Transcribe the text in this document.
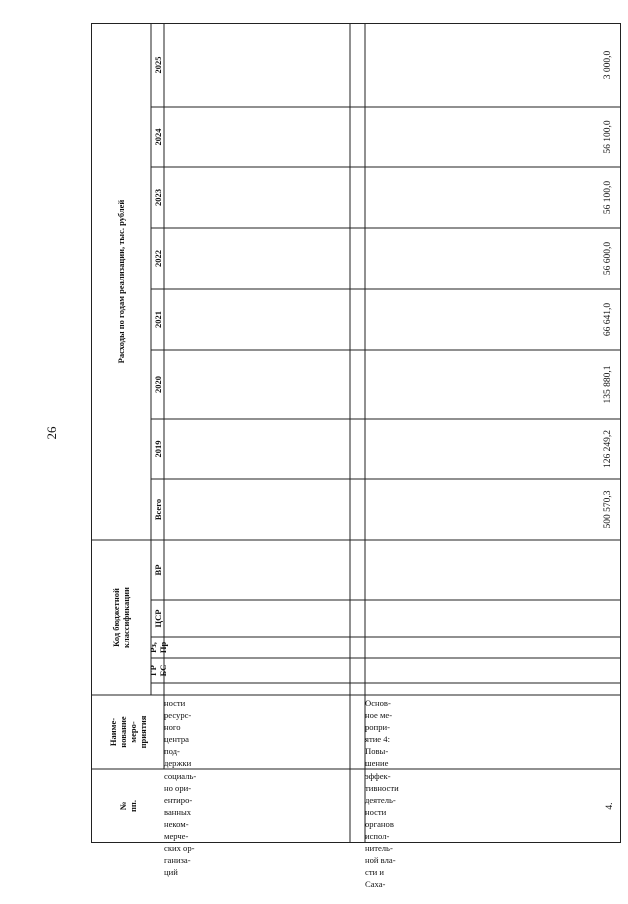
26
№
пп.
Наиме-
нование
меро-
приятия
Код бюджетной
классификации
ГР
БС
Рз,
Пр
ЦСР
ВР
Расходы по годам реализации, тыс. рублей
Всего
2019
2020
2021
2022
2023
2024
2025
ности
ресурс-
ного
центра
под-
держки
социаль-
но ори-
ентиро-
ванных
неком-
мерче-
ских ор-
ганиза-
ций
4.
Основ-
ное ме-
ропри-
ятие 4:
Повы-
шение
эффек-
тивности
деятель-
ности
органов
испол-
нитель-
ной вла-
сти и
Саха-
500 570,3
126 249,2
135 880,1
66 641,0
56 600,0
56 100,0
56 100,0
3 000,0
